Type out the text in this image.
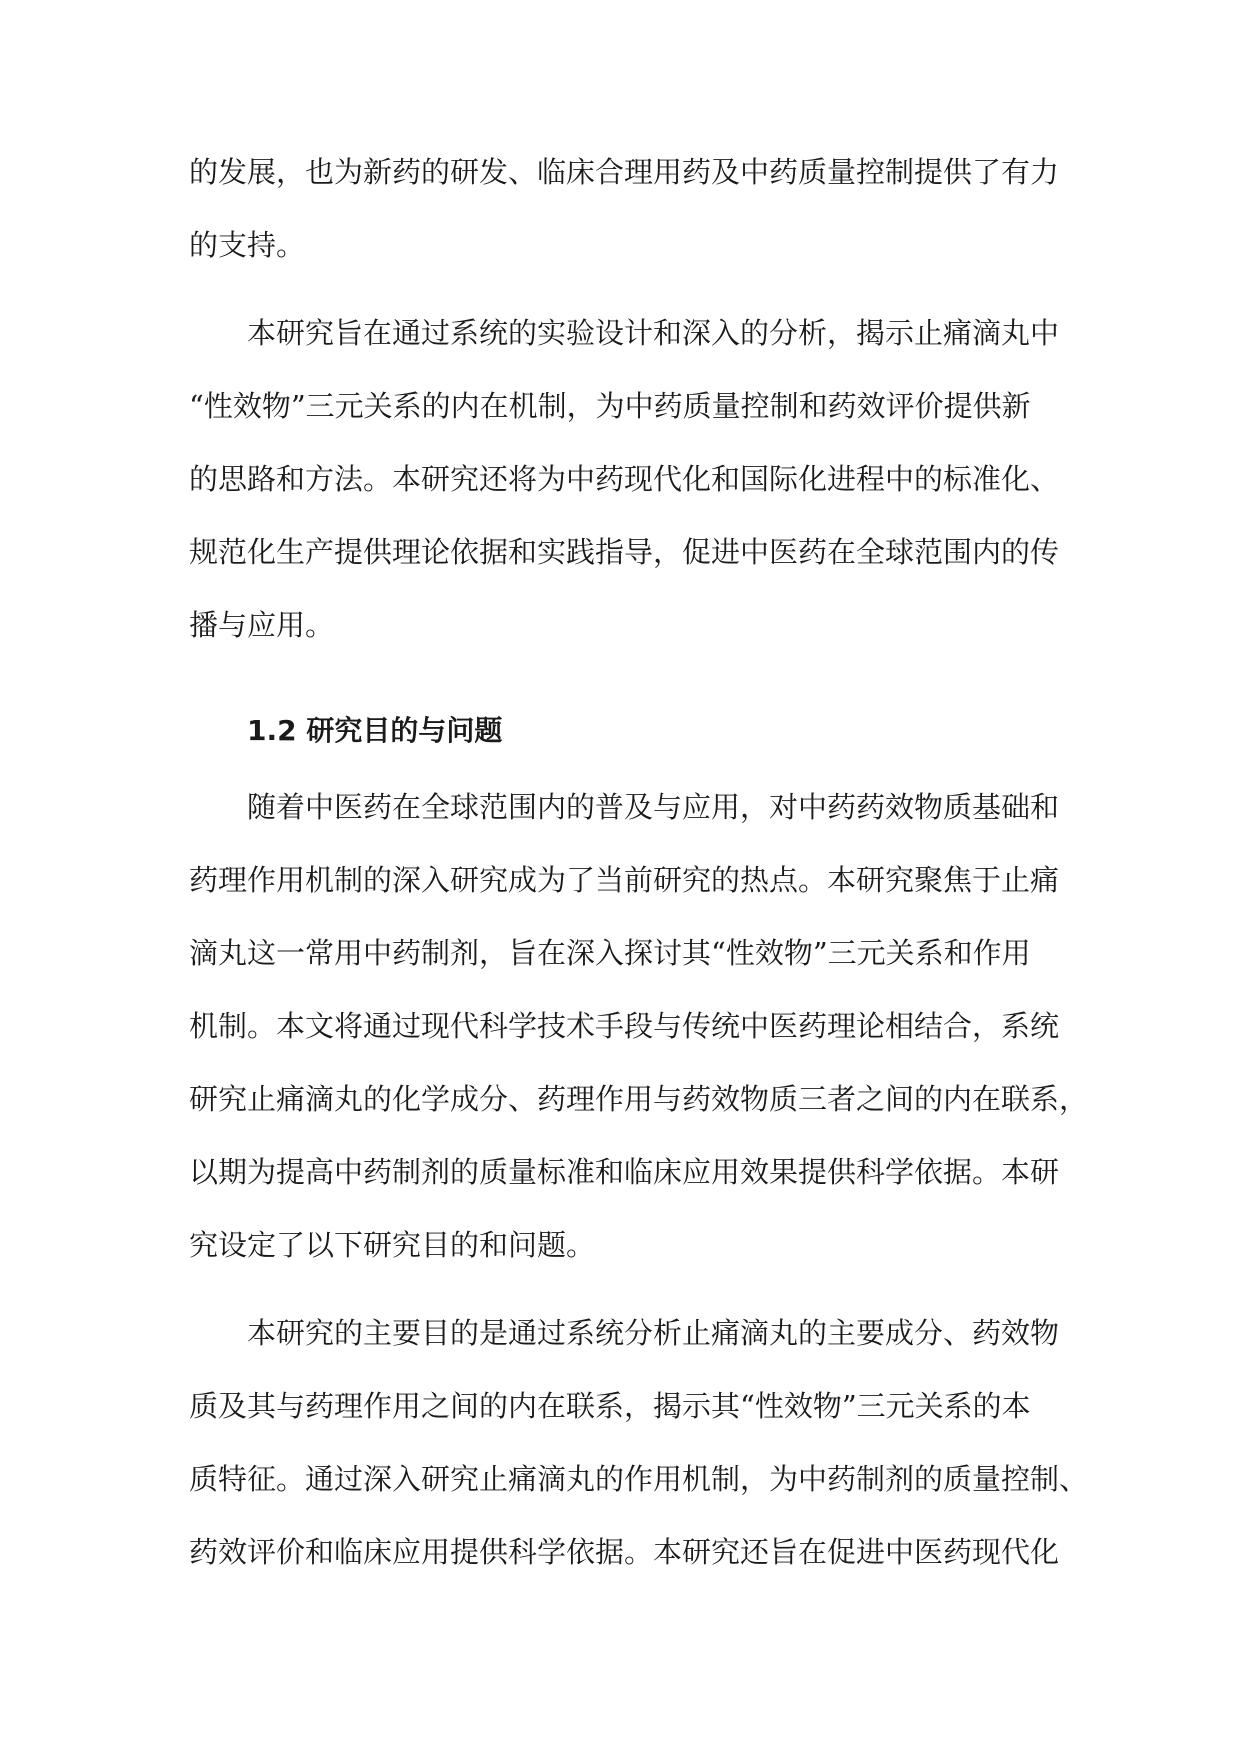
的发展，也为新药的研发、临床合理用药及中药质量控制提供了有力
的支持。
本研究旨在通过系统的实验设计和深入的分析，揭示止痛滴丸中
“性效物”三元关系的内在机制，为中药质量控制和药效评价提供新
的思路和方法。本研究还将为中药现代化和国际化进程中的标准化、
规范化生产提供理论依据和实践指导，促进中医药在全球范围内的传
播与应用。
1.2 研究目的与问题
随着中医药在全球范围内的普及与应用，对中药药效物质基础和
药理作用机制的深入研究成为了当前研究的热点。本研究聚焦于止痛
滴丸这一常用中药制剂，旨在深入探讨其“性效物”三元关系和作用
机制。本文将通过现代科学技术手段与传统中医药理论相结合，系统
研究止痛滴丸的化学成分、药理作用与药效物质三者之间的内在联系，
以期为提高中药制剂的质量标准和临床应用效果提供科学依据。本研
究设定了以下研究目的和问题。
本研究的主要目的是通过系统分析止痛滴丸的主要成分、药效物
质及其与药理作用之间的内在联系，揭示其“性效物”三元关系的本
质特征。通过深入研究止痛滴丸的作用机制，为中药制剂的质量控制、
药效评价和临床应用提供科学依据。本研究还旨在促进中医药现代化
